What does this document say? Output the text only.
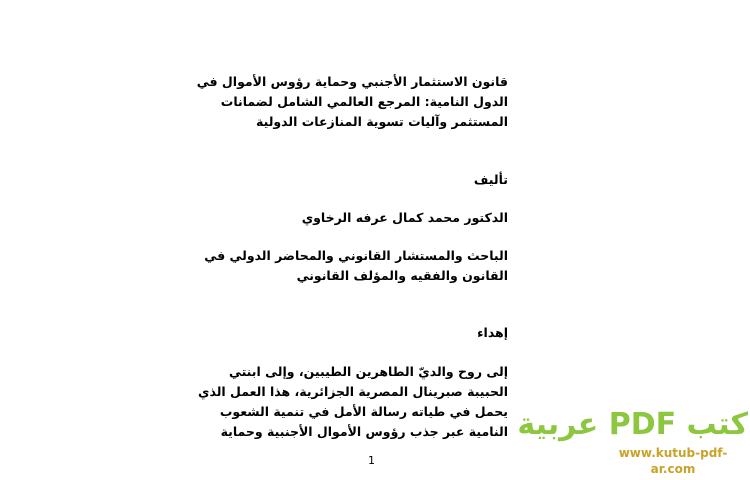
قانون الاستثمار الأجنبي وحماية رؤوس الأموال في
الدول النامية: المرجع العالمي الشامل لضمانات
المستثمر وآليات تسوية المنازعات الدولية
تأليف
الدكتور محمد كمال عرفه الرخاوي
الباحث والمستشار القانوني والمحاضر الدولي في
القانون والفقيه والمؤلف القانوني
إهداء
إلى روح والديّ الطاهرين الطيبين، وإلى ابنتي
الحبيبة صبرينال المصرية الجزائرية، هذا العمل الذي
يحمل في طياته رسالة الأمل في تنمية الشعوب
النامية عبر جذب رؤوس الأموال الأجنبية وحماية
1
كتب PDF عربية
www.kutub-pdf-ar.com
